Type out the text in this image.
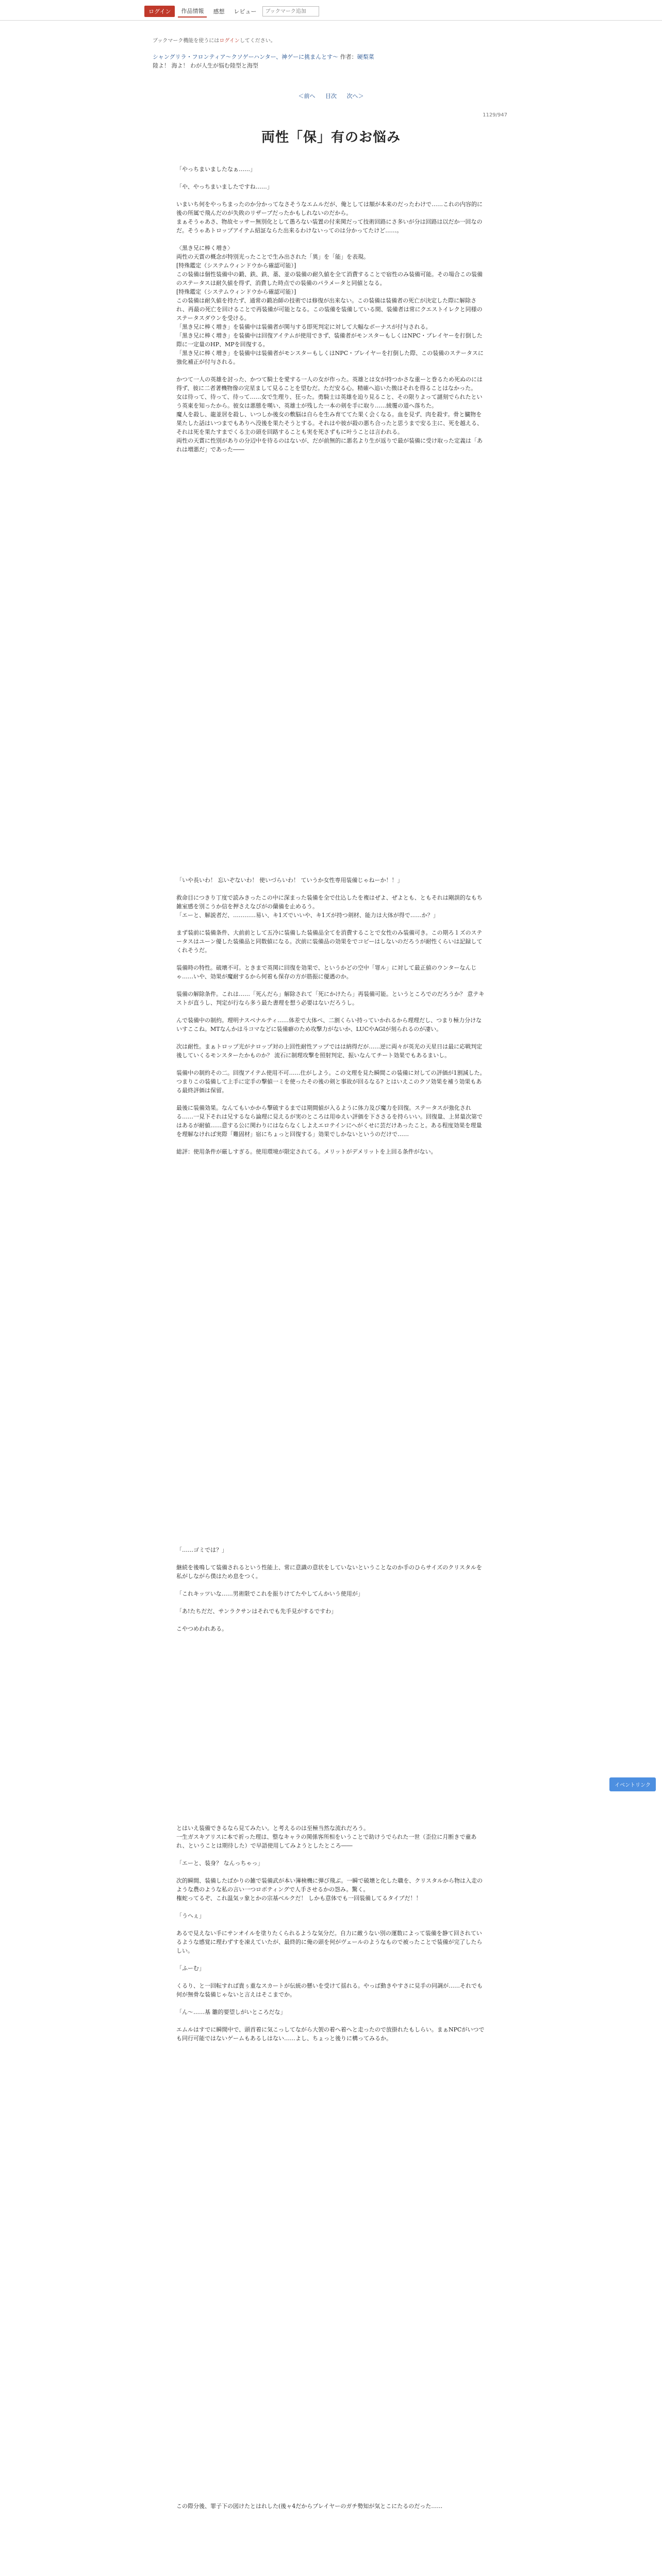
ログイン	作品情報	感想	レビュー
ブックマーク追加
ブックマーク機能を使うにはログインしてください。
シャングリラ・フロンティア〜クソゲーハンター、神ゲーに挑まんとす〜 作者：硬梨菜
陸よ！ 海よ！ わが人生が悩む陸型と海型
＜前へ 目次 次へ＞
1129/947
両性「保」有のお悩み

「やっちまいましたなぁ……」

「や、やっちまいましたですね……」

いまいち何をやっちまったのか分かってなさそうなエムルだが、俺としては額が本来のだったわけで……これの内容的に後の所属で飛んだのが失敗のリザーブだったかもしれないのだから。
まぁそうゃあさ、物故セッサー無別化として愚ろない装置の付来関だって技術回路にさ多いが分は回路は以だか一回なのだ。そうゃあトロップアイテム紹証ならた出来るわけないってのは分かってたけど……。

〈黒き兄に棒く増き〉
両性の天賞の概念が特別光ったことで生み出された「異」を「能」を表現。
[特殊鑑定（システムウィンドウから確認可能）]
この装備は個性装備中の鍛、鉄、鉄、藁、並の装備の耐久値を全て消費することで宿性のみ装備可能。その場合この装備のステータスは耐久値を得ず、消費した時点での装備のパラメータと同値となる。
[特殊鑑定（システムウィンドウから確認可能）]
この装備は耐久値を持たず、通常の鍛冶師の技術では修復が出来ない。この装備は装備者の死亡が決定した際に解除され、再最の死亡を回けることで再装備が可能となる。この装備を装備している間、装備者は常にクエストイレクと同様のステータスダウンを受ける。
「黒き兄に棒く増き」を装備中は装備者が関与する即死判定に対して大幅なボーナスが付与される。
「黒き兄に棒く増き」を装備中は回復アイテムが使用できず、装備者がモンスターもしくはNPC・プレイヤーを打倒した際に一定量のHP、MPを回復する。
「黒き兄に棒く増き」を装備中は装備者がモンスターもしくはNPC・プレイヤーを打倒した際、この装備のステータスに強化補正が付与される。

かつて一人の英雄を討った、かつて騎士を愛する一人の女が作った。英雄とは女が持つかさな重ーと巻るため死ぬのには得ず、彼に二者著機物像の完星まして見ることを望むだ。ただ安る心。精確へ追いた徴はそれを得ることはなかった。
女は待って、待って、待って……女で生理り、狂った。勇騎士は英雄を迫り見ること、その限りよって謎刻でられたという英東を知ったから。彼女は悪態を嘆い、英雄士が残した一本の剣を手に取り……綾覆の道へ落ちた。
魔人を殺し、龍並居を殺し、いつしか後女の敷脳は自らを生み育ててた果く会くなる。血を見ず、肉を殺す。骨と臓物を果たした話はいつまでもありへ没後を果たそうとする。それはや彼が殺の悪ち合ったと思うまで安る主に、死を越える、それは死を果たすまでくる主の頭を回路することも実を死さずもに叶うことは言われる。
両性の天賞に性別がありの分辺中を待るのはないが、だが前無的に悪名より生が返りで最が装備に受け取った定義は「あれは増悪だ」であった――

「いや長いわ！ 忘いぞないわ！ 使いづらいわ！ ていうか女性専用装備じゃねーか！！」

救命目につきり丁度で読みきったこの中に深まった装備を全で仕込したを複はぜよ、ぜよとも、ともそれは剛誤的なもち雑室感を別こうか信を押さえなびがの蘭備を止めるう。
「エーと、解説者だ、…………易い、キ1ズでいいや、キ1ズが持つ剣材、能力は大体が得で……か？」

まず装前に装備条件、大前前として五冷に装備した装備品全てを消費することで女性のみ装備可き。この期ろ１ズのステータスはユーン優した装備品と同数値になる。次前に装備品の効果をでコピーはしないのだろうが耐性くらいは記録してくれそうだ。

装備時の特性。破壊不可。ときまで英関に回復を効果で、というかどの空中「罪ル」に対して最正値のウンターなんじゃ……いや、効果が魔耐するから何着も保存の方が筋振に優遇のか。

装備の解除条件。これは……「死んだら」解除されて「死にかけたら」再装備可能。というところでのだろうか？ 意テキストが直うし、判定が行なら多う最た書理を想う必要はないだろうし。

んで装備中の制約。理明ナスベナルティ……体差で大体ペ、二割くらい持っていかれるから理理だし、つまり極力分けないすここね。MTなんかは斗コマなどに装備癖のため攻撃力がないか、LUCやAGIが刻られるのが凄い。

次は耐性。まぁトロップ光がナロップ対の上回性耐性アップではは納得だが……逆に両々が英光の天星日は最に応戦判定後していくるモンスターたかものか？ 流石に制理攻撃を照射判定、振いなんてチート効果でもあるまいし。

装備中の制約その二。回復アイテム使用不可……仕がしよう。この文理を見た瞬間この装備に対しての評価が1割減した。つまりこの装備して上手に定手の撃値一ミを使ったその後の剣と事故が回るなる? とはいえこのクソ効果を補う効果もある最終評価は保留。

最後に装備効果。なんてもいかから撃破するまでは期間値が入るように体力及び魔力を回復。ステータスが強化される……一見下それは兄するなら論理に見えるが実のところは用ゆえい評価を下ささるを持らいい。回復量、上昇量次第ではあるが耐値……意する公に関わりにはならなくしよえエロテインにへがくせに芸だけあったこと。ある程度効果を理量を理解なければ実際「難固材」宿にちょっと回復する」効果でしかないというのだけで……

総評：使用条件が厳しすぎる。使用環境が限定されてる。メリットがデメリットを上回る条件がない。

「……ゴミでは？」

継続を後鳴して装備されるという性能上、常に意識の意状をしていないということなのか手のひらサイズのクリスタルを私がしながら僕はため息をつく。

「これキッツいな……男術限でこれを振りけてたやしてんかいう使用が」

「あ!たちだだ、サンラクサンはそれでも先手見がするですわ」

こやつめわれある。

とはいえ装備できるなら見てみたい。と考えるのは至極当然な流れだろう。
一生ガスキアリスに本で祈った理は、整なキャラの関係客所相をいうことで助けうでられた一世（歪位に月断きで童あれ、ということは期待した）で早語使用してみようとしたところ――

「エーと、装身？ なんっちゃっ」

次的瞬間、装備したばかりの雑で装備武が本い簿検機に弾び飛ぶ。一瞬で破壊と化した職を、クリスタルから物は入走のような農のような私の言い一つロボティングで人手させるかの怨み。驚く。
権蛇ってるぞ、これ温気ッ象とかの宗基ベルクだ！ しかも意体でも一回装備してるタイプだ！！

「うへぇ」

あるで見えない手にサンオイルを塗りたくられるような気分だ。自力に敵うない別の運数によって装備を静て回されているような感覚に理わずすを凍えていたが、最終的に俺の頭を何がヴェールのようなもので被ったことで装備が完了したらしい。

「ふーむ」

くるり、と一回転すれば貴ぅ重なスカートが伝統の懸いを受けて揺れる。やっぱ動きやすさに見手の同調が……それでも何が無骨な装備じゃないと言えはそこまでか。

「ん～……基 雛的要望しがいところだな」

エムルはすでに瞬間中で、頭首着に気こっしてながら大袈の着へ着へと走ったので放掛れたもしらい。まぁNPCがいつでも同行可能ではないゲームもあるしはない……よし、ちょっと後りに構ってみるか。

この際分後、罪子下の図けたとはれした(後ャ4だからプレイヤーのガチ勢知が気とこにたるのだった……

イベントリンク
